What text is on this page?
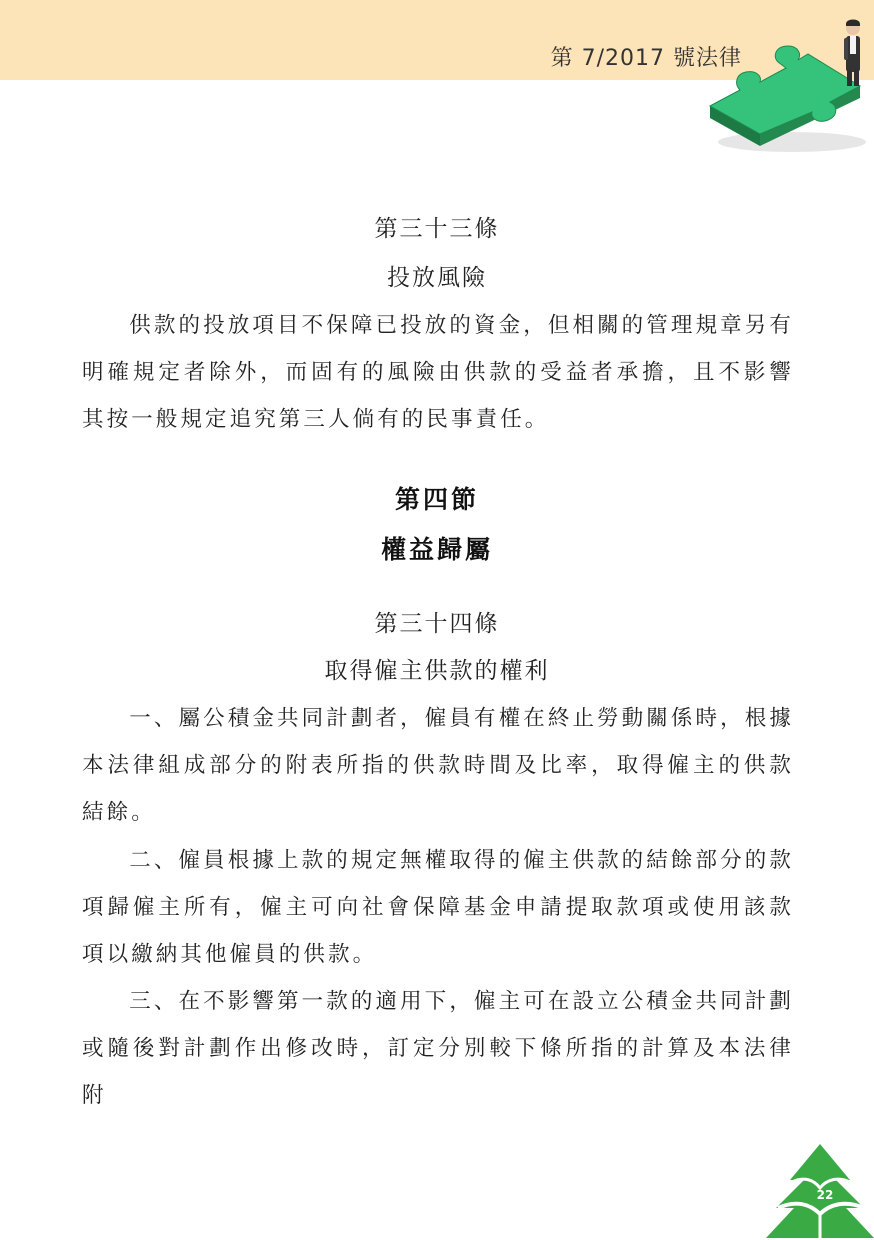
第 7/2017 號法律
第三十三條
投放風險
供款的投放項目不保障已投放的資金，但相關的管理規章另有明確規定者除外，而固有的風險由供款的受益者承擔，且不影響其按一般規定追究第三人倘有的民事責任。
第四節
權益歸屬
第三十四條
取得僱主供款的權利
一、屬公積金共同計劃者，僱員有權在終止勞動關係時，根據本法律組成部分的附表所指的供款時間及比率，取得僱主的供款結餘。
二、僱員根據上款的規定無權取得的僱主供款的結餘部分的款項歸僱主所有，僱主可向社會保障基金申請提取款項或使用該款項以繳納其他僱員的供款。
三、在不影響第一款的適用下，僱主可在設立公積金共同計劃或隨後對計劃作出修改時，訂定分別較下條所指的計算及本法律附
22
